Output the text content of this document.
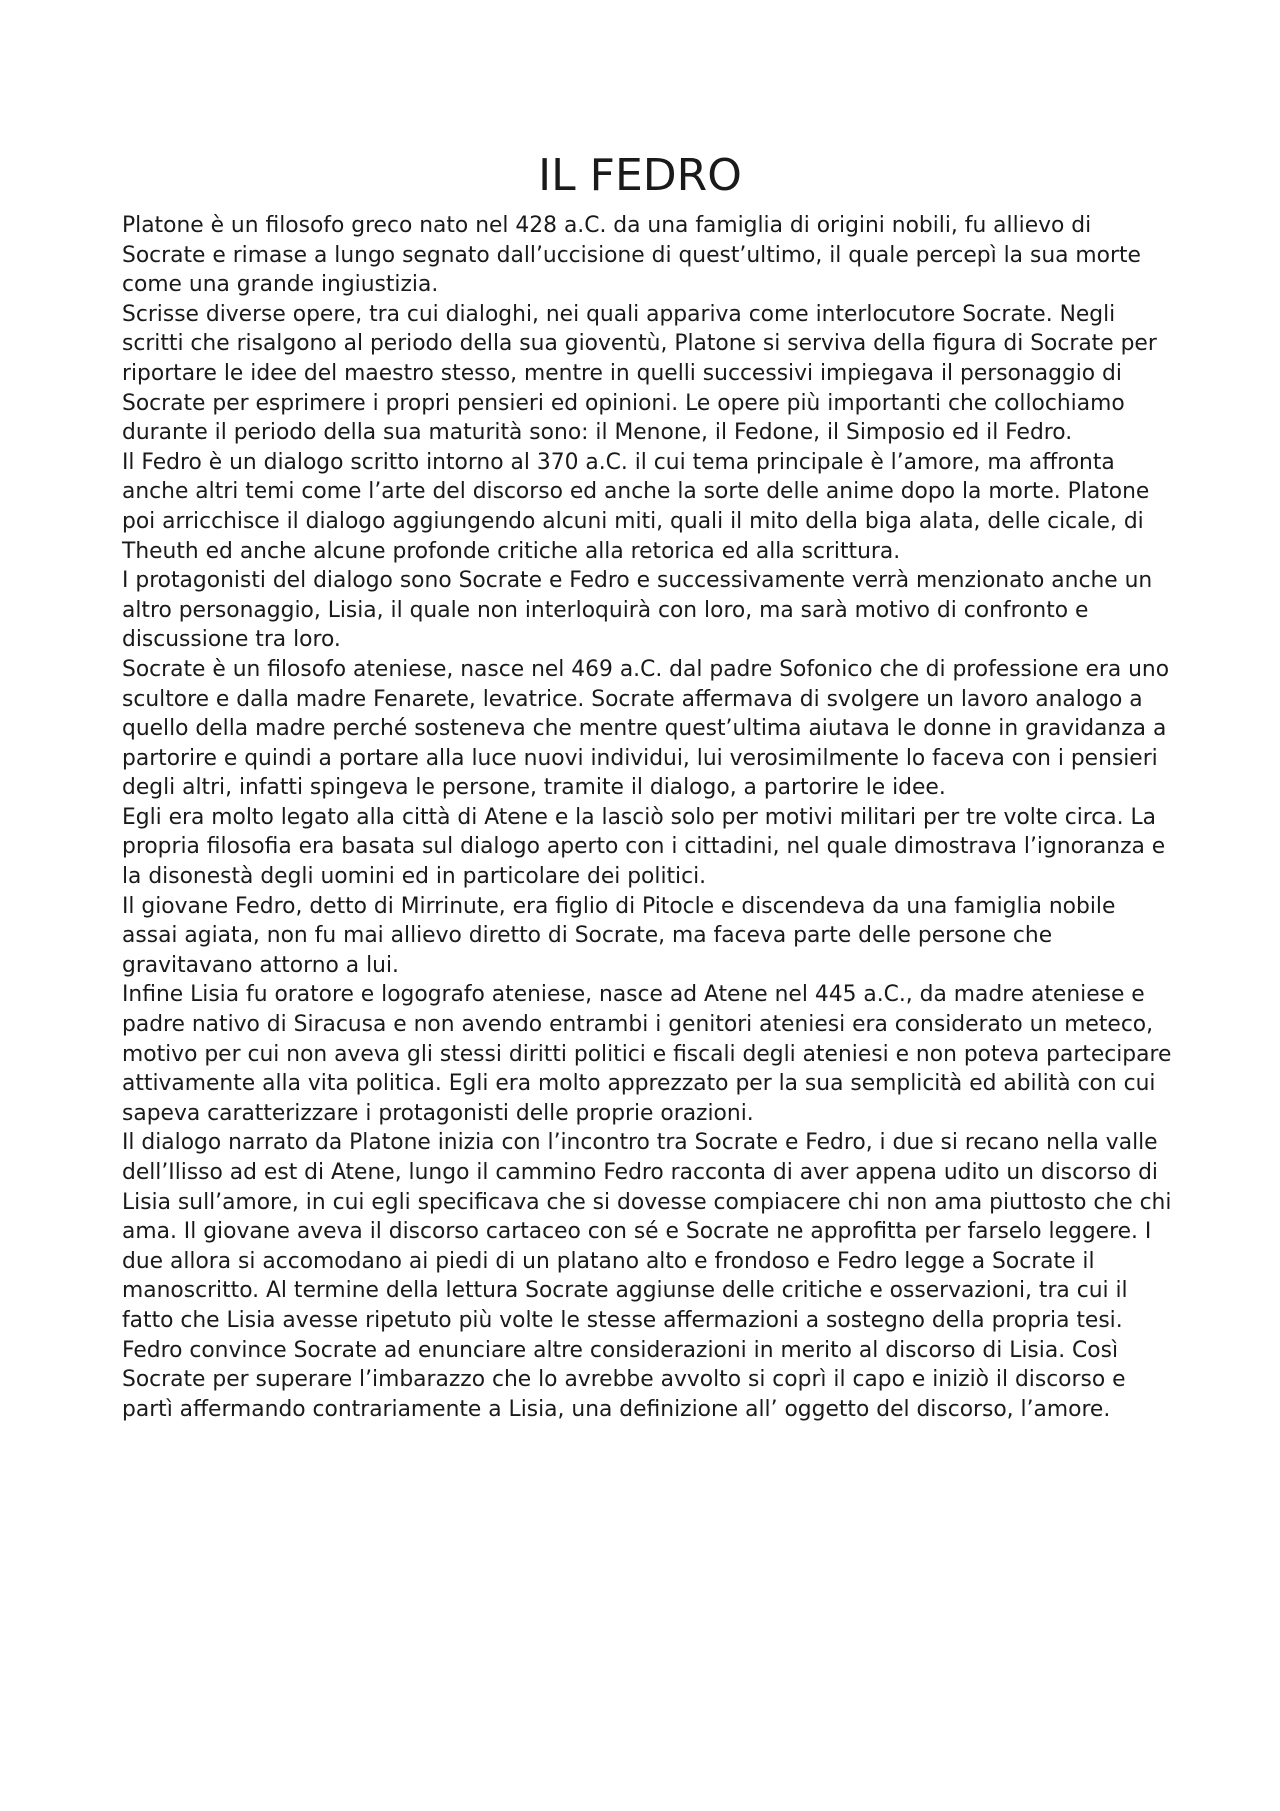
IL FEDRO

Platone è un filosofo greco nato nel 428 a.C. da una famiglia di origini nobili, fu allievo di Socrate e rimase a lungo segnato dall’uccisione di quest’ultimo, il quale percepì la sua morte come una grande ingiustizia.

Scrisse diverse opere, tra cui dialoghi, nei quali appariva come interlocutore Socrate. Negli scritti che risalgono al periodo della sua gioventù, Platone si serviva della figura di Socrate per riportare le idee del maestro stesso, mentre in quelli successivi impiegava il personaggio di Socrate per esprimere i propri pensieri ed opinioni. Le opere più importanti che collochiamo durante il periodo della sua maturità sono: il Menone, il Fedone, il Simposio ed il Fedro.

Il Fedro è un dialogo scritto intorno al 370 a.C. il cui tema principale è l’amore, ma affronta anche altri temi come l’arte del discorso ed anche la sorte delle anime dopo la morte. Platone poi arricchisce il dialogo aggiungendo alcuni miti, quali il mito della biga alata, delle cicale, di Theuth ed anche alcune profonde critiche alla retorica ed alla scrittura.

I protagonisti del dialogo sono Socrate e Fedro e successivamente verrà menzionato anche un altro personaggio, Lisia, il quale non interloquirà con loro, ma sarà motivo di confronto e discussione tra loro.

Socrate è un filosofo ateniese, nasce nel 469 a.C. dal padre Sofonico che di professione era uno scultore e dalla madre Fenarete, levatrice. Socrate affermava di svolgere un lavoro analogo a quello della madre perché sosteneva che mentre quest’ultima aiutava le donne in gravidanza a partorire e quindi a portare alla luce nuovi individui, lui verosimilmente lo faceva con i pensieri degli altri, infatti spingeva le persone, tramite il dialogo, a partorire le idee.

Egli era molto legato alla città di Atene e la lasciò solo per motivi militari per tre volte circa. La propria filosofia era basata sul dialogo aperto con i cittadini, nel quale dimostrava l’ignoranza e la disonestà degli uomini ed in particolare dei politici.

Il giovane Fedro, detto di Mirrinute, era figlio di Pitocle e discendeva da una famiglia nobile assai agiata, non fu mai allievo diretto di Socrate, ma faceva parte delle persone che gravitavano attorno a lui.

Infine Lisia fu oratore e logografo ateniese, nasce ad Atene nel 445 a.C., da madre ateniese e padre nativo di Siracusa e non avendo entrambi i genitori ateniesi era considerato un meteco, motivo per cui non aveva gli stessi diritti politici e fiscali degli ateniesi e non poteva partecipare attivamente alla vita politica. Egli era molto apprezzato per la sua semplicità ed abilità con cui sapeva caratterizzare i protagonisti delle proprie orazioni.

Il dialogo narrato da Platone inizia con l’incontro tra Socrate e Fedro, i due si recano nella valle dell’Ilisso ad est di Atene, lungo il cammino Fedro racconta di aver appena udito un discorso di Lisia sull’amore, in cui egli specificava che si dovesse compiacere chi non ama piuttosto che chi ama. Il giovane aveva il discorso cartaceo con sé e Socrate ne approfitta per farselo leggere. I due allora si accomodano ai piedi di un platano alto e frondoso e Fedro legge a Socrate il manoscritto. Al termine della lettura Socrate aggiunse delle critiche e osservazioni, tra cui il fatto che Lisia avesse ripetuto più volte le stesse affermazioni a sostegno della propria tesi.

Fedro convince Socrate ad enunciare altre considerazioni in merito al discorso di Lisia. Così Socrate per superare l’imbarazzo che lo avrebbe avvolto si coprì il capo e iniziò il discorso e partì affermando contrariamente a Lisia, una definizione all’ oggetto del discorso, l’amore.
